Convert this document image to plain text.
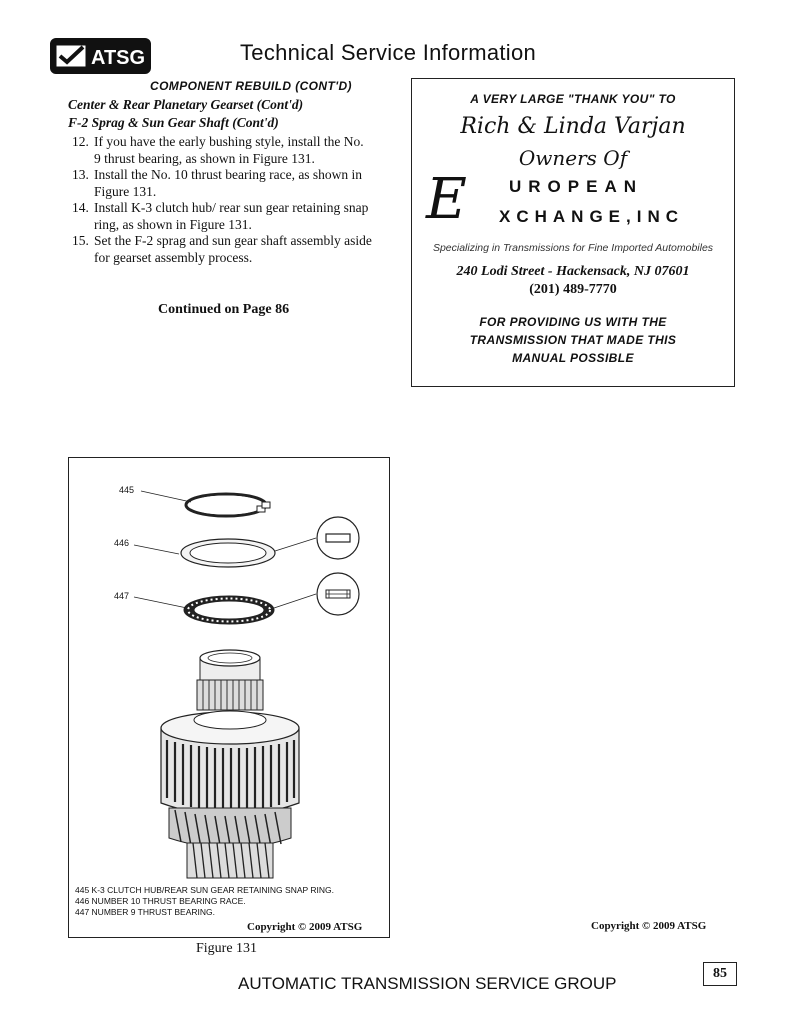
ATSG	Technical Service Information
COMPONENT REBUILD (CONT'D)
Center & Rear Planetary Gearset (Cont'd)
F-2 Sprag & Sun Gear Shaft (Cont'd)
12. If you have the early bushing style, install the No. 9 thrust bearing, as shown in Figure 131.
13. Install the No. 10 thrust bearing race, as shown in Figure 131.
14. Install K-3 clutch hub/ rear sun gear retaining snap ring, as shown in Figure 131.
15. Set the F-2 sprag and sun gear shaft assembly aside for gearset assembly process.
Continued on Page 86
A VERY LARGE "THANK YOU" TO
Rich & Linda Varjan
Owners Of
E UROPEAN
XCHANGE,INC
Specializing in Transmissions for Fine Imported Automobiles
240 Lodi Street - Hackensack, NJ 07601
(201) 489-7770
FOR PROVIDING US WITH THE
TRANSMISSION THAT MADE THIS
MANUAL POSSIBLE
445
446
447
445 K-3 CLUTCH HUB/REAR SUN GEAR RETAINING SNAP RING.
446 NUMBER 10 THRUST BEARING RACE.
447 NUMBER 9 THRUST BEARING.
Copyright © 2009 ATSG
Figure 131
Copyright © 2009 ATSG
AUTOMATIC TRANSMISSION SERVICE GROUP
85
